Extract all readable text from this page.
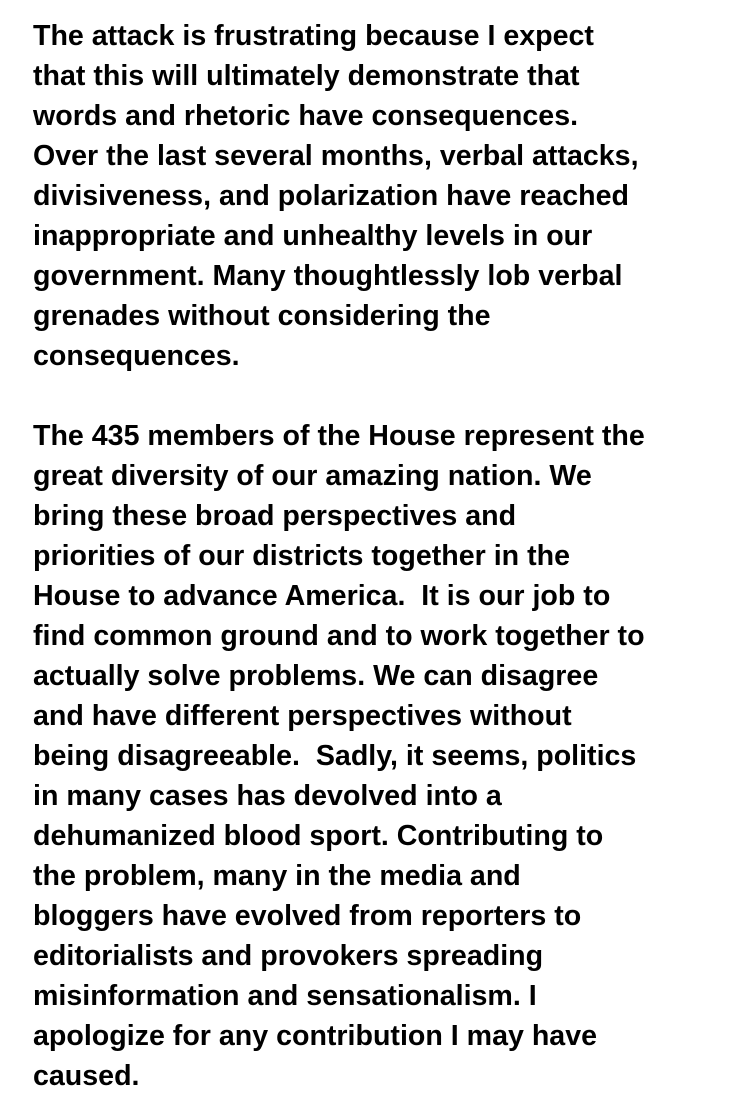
The attack is frustrating because I expect
that this will ultimately demonstrate that
words and rhetoric have consequences.
Over the last several months, verbal attacks,
divisiveness, and polarization have reached
inappropriate and unhealthy levels in our
government. Many thoughtlessly lob verbal
grenades without considering the
consequences.
The 435 members of the House represent the
great diversity of our amazing nation. We
bring these broad perspectives and
priorities of our districts together in the
House to advance America.  It is our job to
find common ground and to work together to
actually solve problems. We can disagree
and have different perspectives without
being disagreeable.  Sadly, it seems, politics
in many cases has devolved into a
dehumanized blood sport. Contributing to
the problem, many in the media and
bloggers have evolved from reporters to
editorialists and provokers spreading
misinformation and sensationalism. I
apologize for any contribution I may have
caused.
